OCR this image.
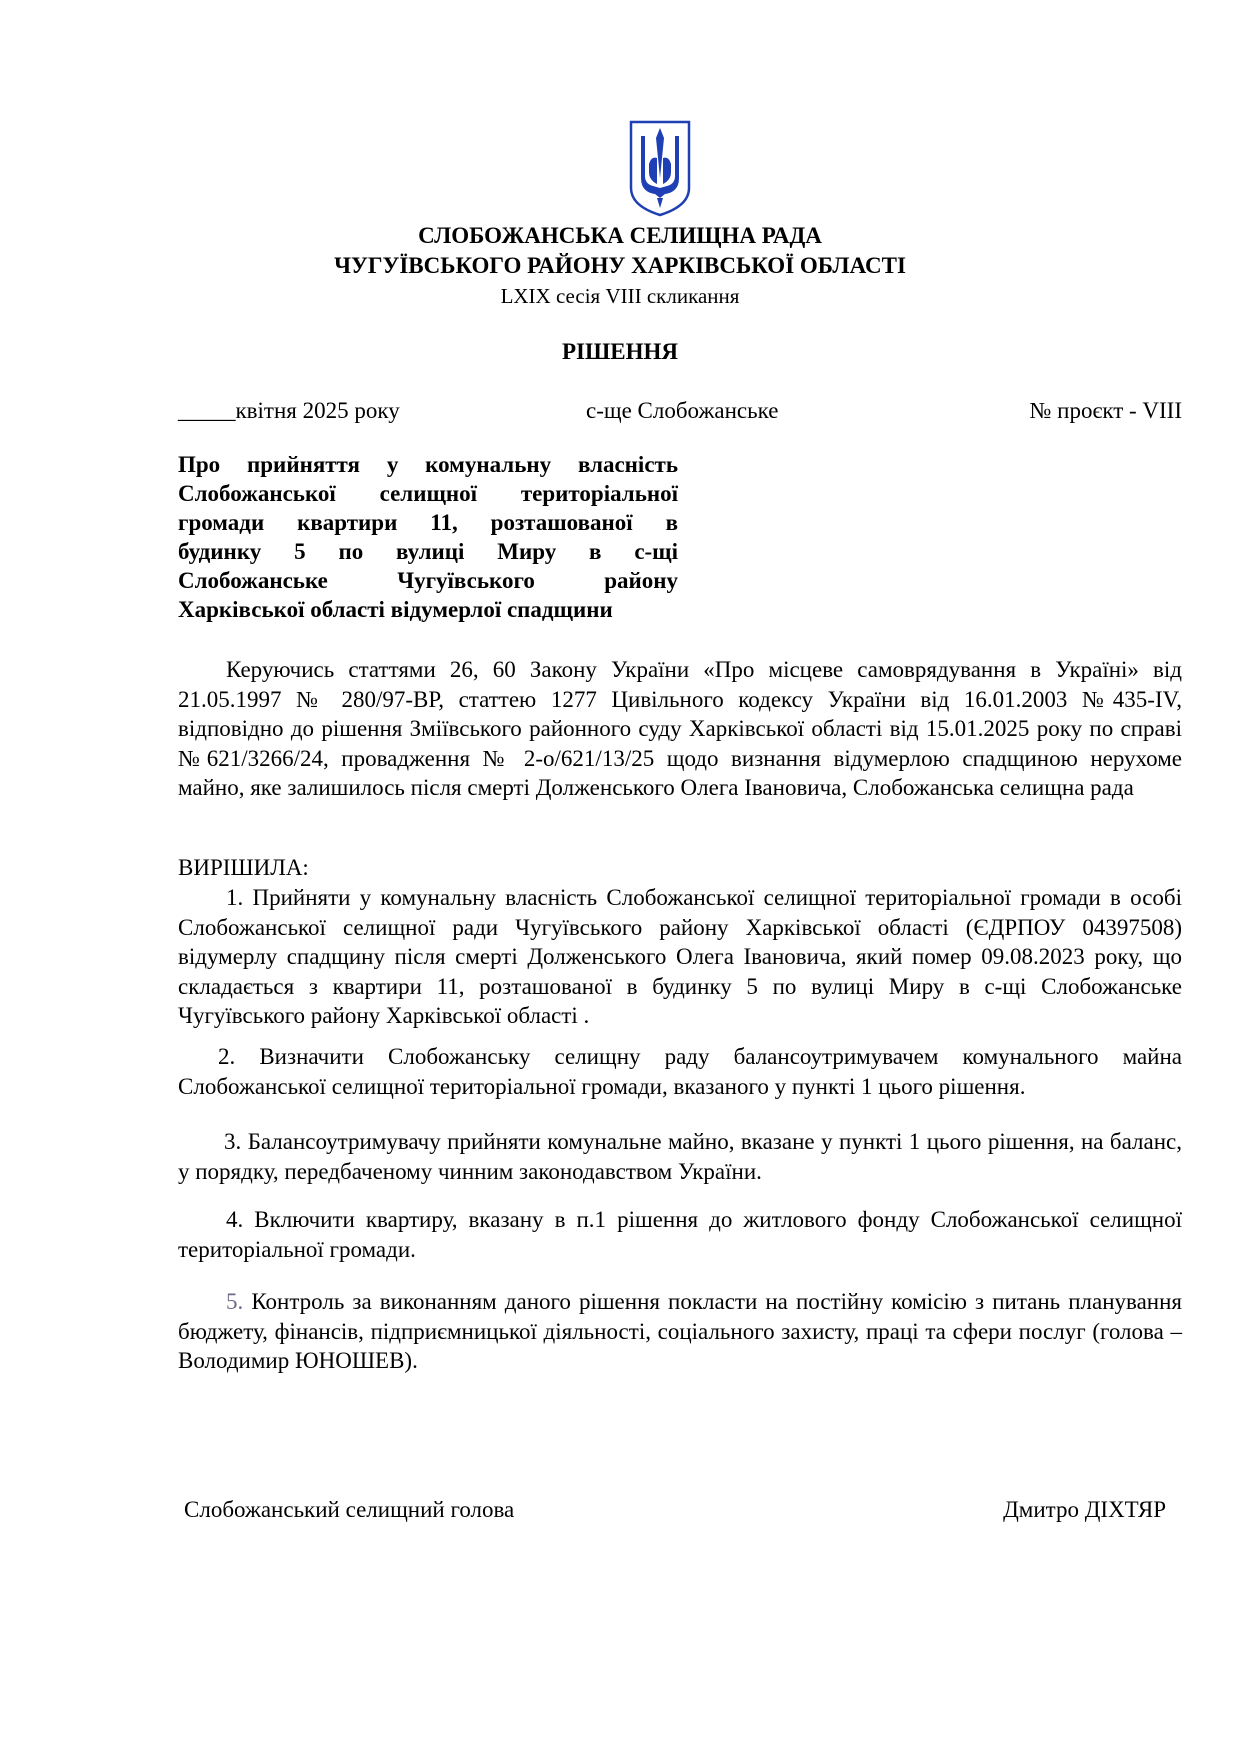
СЛОБОЖАНСЬКА СЕЛИЩНА РАДА
ЧУГУЇВСЬКОГО РАЙОНУ ХАРКІВСЬКОЇ ОБЛАСТІ
LXIX сесія VIII скликання
РІШЕННЯ
_____квітня 2025 року	с-ще Слобожанське	№ проєкт - VIII
Про прийняття у комунальну власність
Слобожанської селищної територіальної
громади квартири 11, розташованої в
будинку 5 по вулиці Миру в с-щі
Слобожанське Чугуївського району
Харківської області відумерлої спадщини
Керуючись статтями 26, 60 Закону України «Про місцеве самоврядування в Україні» від 21.05.1997 № 280/97-ВР, статтею 1277 Цивільного кодексу України від 16.01.2003 №435-IV, відповідно до рішення Зміївського районного суду Харківської області від 15.01.2025 року по справі №621/3266/24, провадження № 2-о/621/13/25 щодо визнання відумерлою спадщиною нерухоме майно, яке залишилось після смерті Долженського Олега Івановича, Слобожанська селищна рада
ВИРІШИЛА:
1. Прийняти у комунальну власність Слобожанської селищної територіальної громади в особі Слобожанської селищної ради Чугуївського району Харківської області (ЄДРПОУ 04397508) відумерлу спадщину після смерті Долженського Олега Івановича, який помер 09.08.2023 року, що складається з квартири 11, розташованої в будинку 5 по вулиці Миру в с-щі Слобожанське Чугуївського району Харківської області .
2. Визначити Слобожанську селищну раду балансоутримувачем комунального майна Слобожанської селищної територіальної громади, вказаного у пункті 1 цього рішення.
3. Балансоутримувачу прийняти комунальне майно, вказане у пункті 1 цього рішення, на баланс, у порядку, передбаченому чинним законодавством України.
4. Включити квартиру, вказану в п.1 рішення до житлового фонду Слобожанської селищної територіальної громади.
5. Контроль за виконанням даного рішення покласти на постійну комісію з питань планування бюджету, фінансів, підприємницької діяльності, соціального захисту, праці та сфери послуг (голова – Володимир ЮНОШЕВ).
Слобожанський селищний голова	Дмитро ДІХТЯР
